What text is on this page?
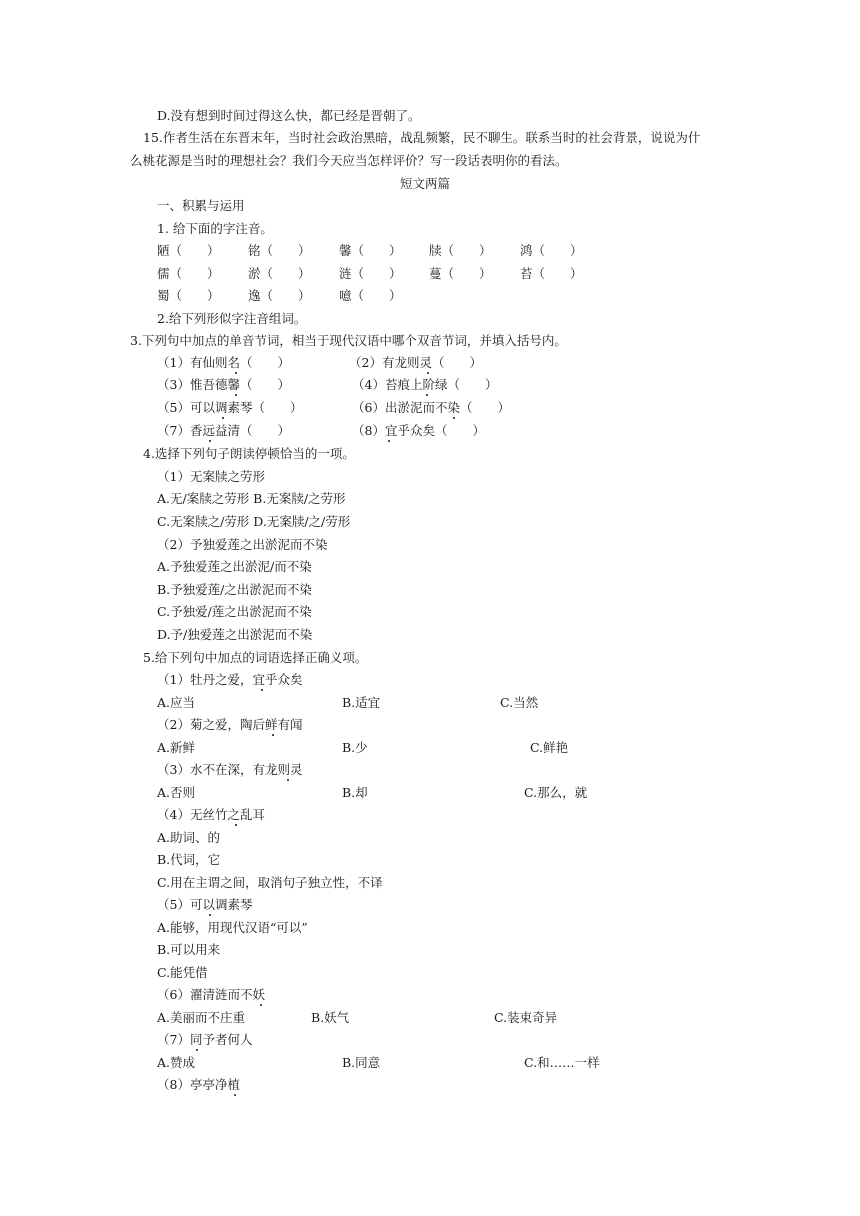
D.没有想到时间过得这么快，都已经是晋朝了。
15.作者生活在东晋末年，当时社会政治黑暗，战乱频繁，民不聊生。联系当时的社会背景，说说为什
么桃花源是当时的理想社会？我们今天应当怎样评价？写一段话表明你的看法。
短文两篇
一、积累与运用
1. 给下面的字注音。
陋（　　） 铭（　　） 馨（　　） 牍（　　） 鸿（　　）
儒（　　） 淤（　　） 涟（　　） 蔓（　　） 苔（　　）
蜀（　　） 逸（　　） 噫（　　）
2.给下列形似字注音组词。
3.下列句中加点的单音节词，相当于现代汉语中哪个双音节词，并填入括号内。
（1）有仙则名（　　）	（2）有龙则灵（　　）
（3）惟吾德馨（　　）	（4）苔痕上阶绿（　　）
（5）可以调素琴（　　）	（6）出淤泥而不染（　　）
（7）香远益清（　　）	（8）宜乎众矣（　　）
4.选择下列句子朗读停顿恰当的一项。
（1）无案牍之劳形
A.无/案牍之劳形 B.无案牍/之劳形
C.无案牍之/劳形 D.无案牍/之/劳形
（2）予独爱莲之出淤泥而不染
A.予独爱莲之出淤泥/而不染
B.予独爱莲/之出淤泥而不染
C.予独爱/莲之出淤泥而不染
D.予/独爱莲之出淤泥而不染
5.给下列句中加点的词语选择正确义项。
（1）牡丹之爱，宜乎众矣
A.应当	B.适宜	C.当然
（2）菊之爱，陶后鲜有闻
A.新鲜	B.少	C.鲜艳
（3）水不在深，有龙则灵
A.否则	B.却	C.那么，就
（4）无丝竹之乱耳
A.助词、的
B.代词，它
C.用在主谓之间，取消句子独立性，不译
（5）可以调素琴
A.能够，用现代汉语“可以”
B.可以用来
C.能凭借
（6）濯清涟而不妖
A.美丽而不庄重	B.妖气	C.装束奇异
（7）同予者何人
A.赞成	B.同意	C.和……一样
（8）亭亭净植
